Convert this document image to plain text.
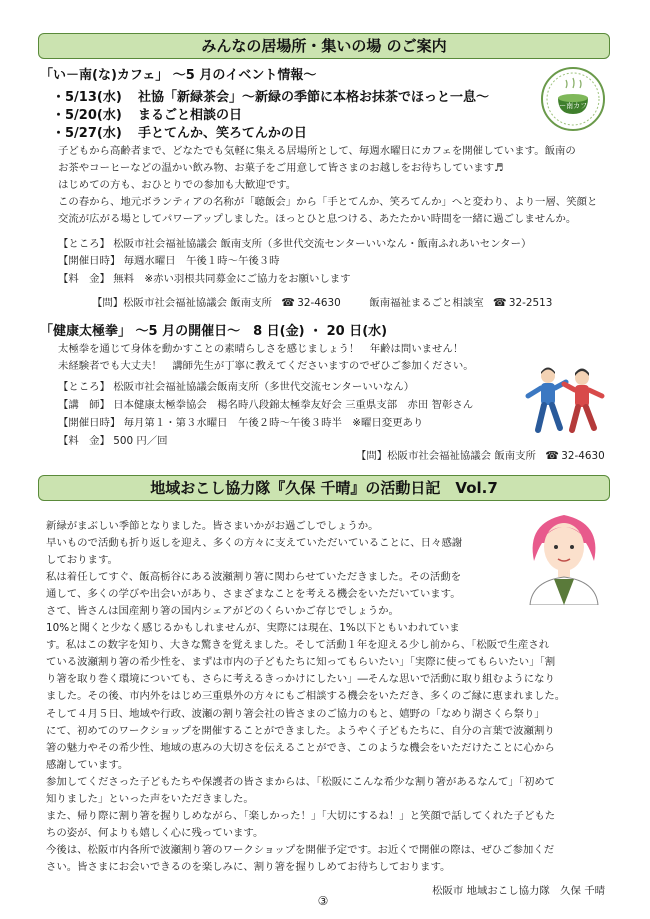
みんなの居場所・集いの場 のご案内
「い－南(な)カフェ」 ～5 月のイベント情報～
いー南カフェ
・5/13(水) 社協「新緑茶会」～新緑の季節に本格お抹茶でほっと一息～
・5/20(水) まるごと相談の日
・5/27(水) 手とてんか、笑ろてんかの日
子どもから高齢者まで、どなたでも気軽に集える居場所として、毎週水曜日にカフェを開催しています。飯南の
お茶やコーヒーなどの温かい飲み物、お菓子をご用意して皆さまのお越しをお待ちしています♬
はじめての方も、おひとりでの参加も大歓迎です。
この春から、地元ボランティアの名称が「聴飯会」から「手とてんか、笑ろてんか」へと変わり、より一層、笑顔と
交流が広がる場としてパワーアップしました。ほっとひと息つける、あたたかい時間を一緒に過ごしませんか。
【ところ】 松阪市社会福祉協議会 飯南支所（多世代交流センターいいなん・飯南ふれあいセンター）
【開催日時】 毎週水曜日　午後１時～午後３時
【料　金】 無料　※赤い羽根共同募金にご協力をお願いします
【問】松阪市社会福祉協議会 飯南支所 ☎ 32-4630	飯南福祉まるごと相談室 ☎ 32-2513
「健康太極拳」 ～5 月の開催日～　8 日(金) ・ 20 日(水)
太極拳を通じて身体を動かすことの素晴らしさを感じましょう！　年齢は問いません！
未経験者でも大丈夫！　講師先生が丁寧に教えてくださいますのでぜひご参加ください。
【ところ】 松阪市社会福祉協議会飯南支所（多世代交流センターいいなん）
【講　師】 日本健康太極拳協会　楊名時八段錦太極拳友好会 三重県支部　赤田 智彰さん
【開催日時】 毎月第１・第３水曜日　午後２時～午後３時半　※曜日変更あり
【料　金】 500 円／回
【問】松阪市社会福祉協議会 飯南支所 ☎ 32-4630
地域おこし協力隊『久保 千晴』の活動日記　Vol.7
新緑がまぶしい季節となりました。皆さまいかがお過ごしでしょうか。
早いもので活動も折り返しを迎え、多くの方々に支えていただいていることに、日々感謝
しております。
私は着任してすぐ、飯高栃谷にある波瀬割り箸に関わらせていただきました。その活動を
通して、多くの学びや出会いがあり、さまざまなことを考える機会をいただいています。
さて、皆さんは国産割り箸の国内シェアがどのくらいかご存じでしょうか。
10%と聞くと少なく感じるかもしれませんが、実際には現在、1%以下ともいわれていま
す。私はこの数字を知り、大きな驚きを覚えました。そして活動１年を迎える少し前から、「松阪で生産され
ている波瀬割り箸の希少性を、まずは市内の子どもたちに知ってもらいたい」「実際に使ってもらいたい」「割
り箸を取り巻く環境についても、さらに考えるきっかけにしたい」―そんな思いで活動に取り組むようになり
ました。その後、市内外をはじめ三重県外の方々にもご相談する機会をいただき、多くのご縁に恵まれました。
そして４月５日、地域や行政、波瀬の割り箸会社の皆さまのご協力のもと、嬉野の「なめり湖さくら祭り」
にて、初めてのワークショップを開催することができました。ようやく子どもたちに、自分の言葉で波瀬割り
箸の魅力やその希少性、地域の恵みの大切さを伝えることができ、このような機会をいただけたことに心から
感謝しています。
参加してくださった子どもたちや保護者の皆さまからは、「松阪にこんな希少な割り箸があるなんて」「初めて
知りました」といった声をいただきました。
また、帰り際に割り箸を握りしめながら、「楽しかった！」「大切にするね！」と笑顔で話してくれた子どもた
ちの姿が、何よりも嬉しく心に残っています。
今後は、松阪市内各所で波瀬割り箸のワークショップを開催予定です。お近くで開催の際は、ぜひご参加くだ
さい。皆さまにお会いできるのを楽しみに、割り箸を握りしめてお待ちしております。
松阪市 地域おこし協力隊　久保 千晴
③
